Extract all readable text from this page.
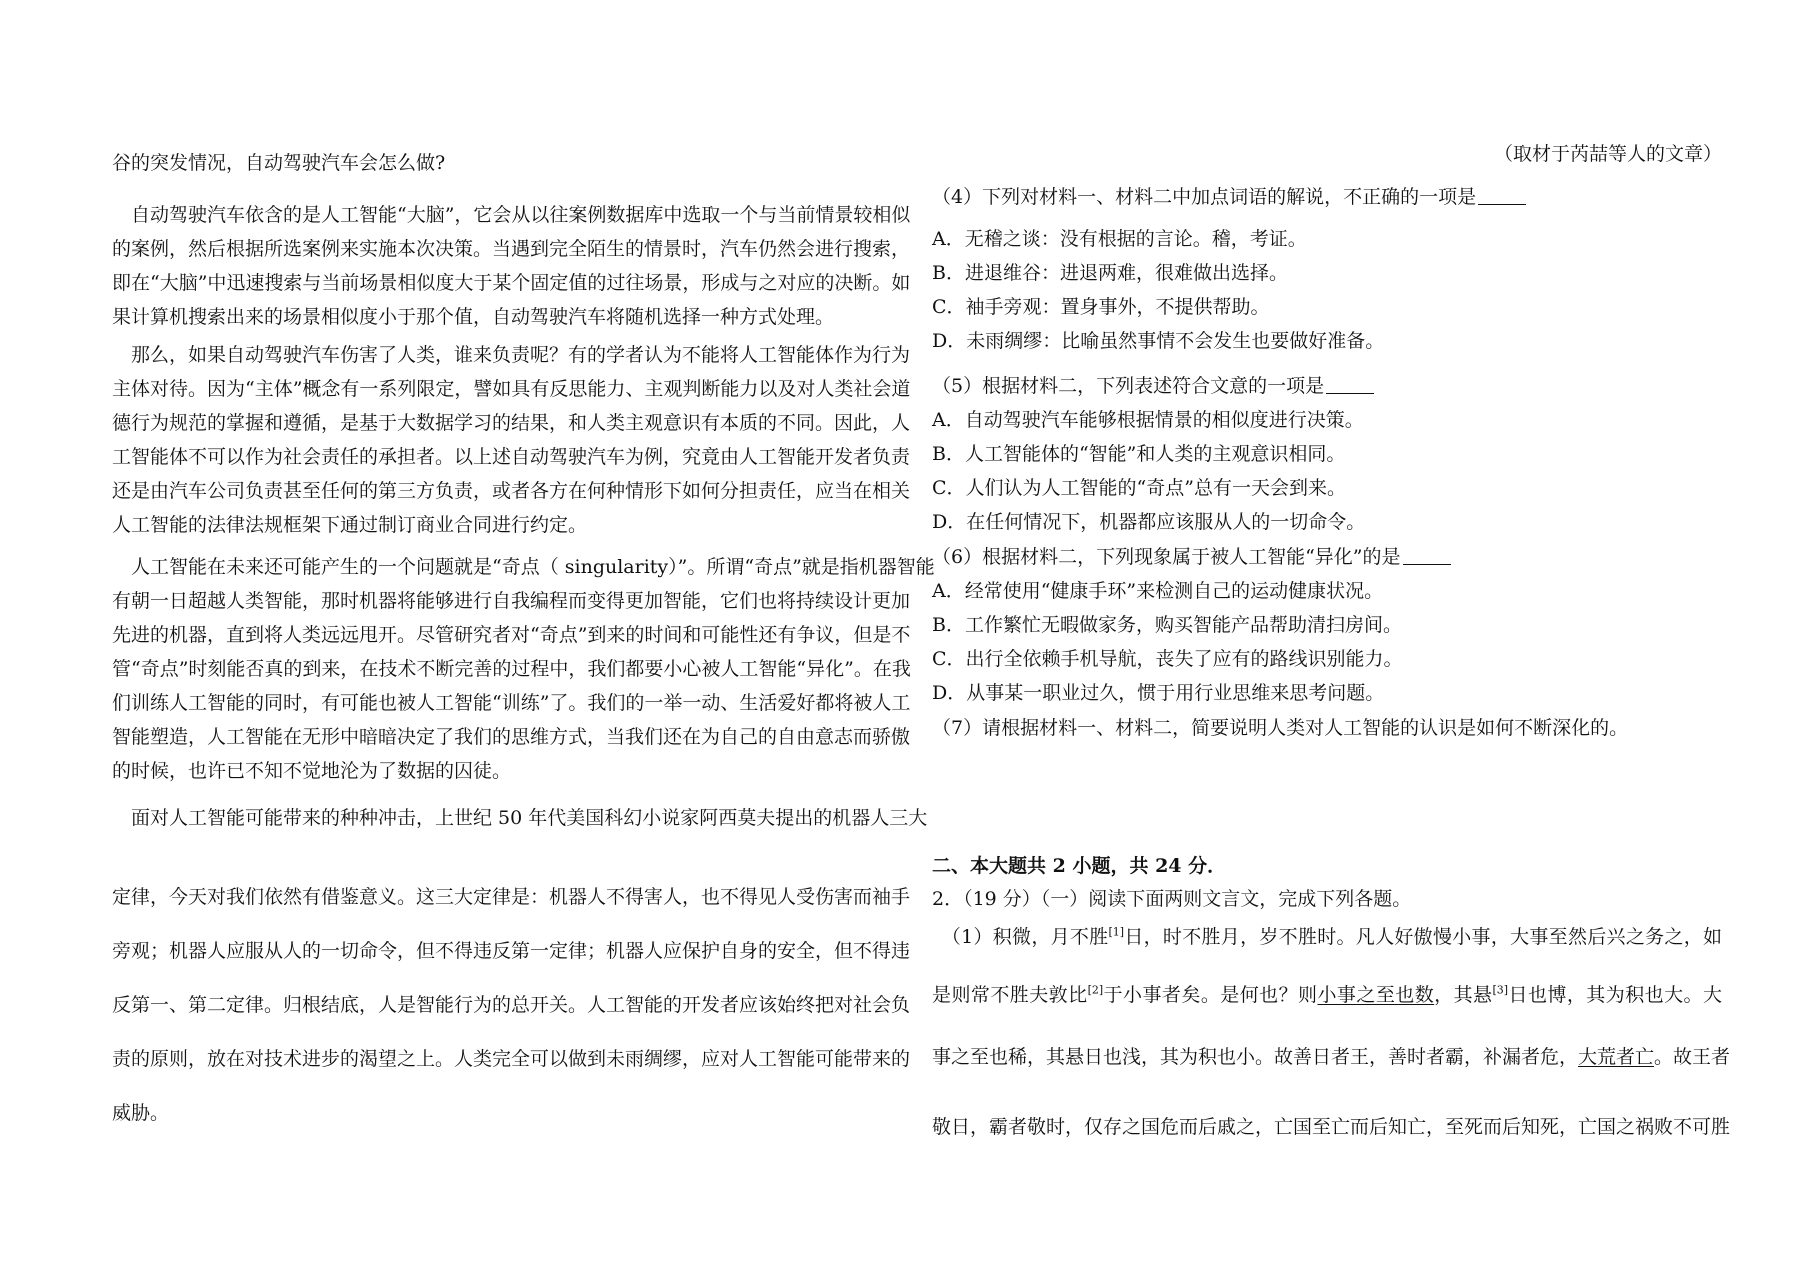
谷的突发情况，自动驾驶汽车会怎么做?
　自动驾驶汽车依含的是人工智能“大脑”，它会从以往案例数据库中选取一个与当前情景较相似
的案例，然后根据所选案例来实施本次决策。当遇到完全陌生的情景时，汽车仍然会进行搜索，
即在“大脑”中迅速搜索与当前场景相似度大于某个固定值的过往场景，形成与之对应的决断。如
果计算机搜索出来的场景相似度小于那个值，自动驾驶汽车将随机选择一种方式处理。
　那么，如果自动驾驶汽车伤害了人类，谁来负责呢？有的学者认为不能将人工智能体作为行为
主体对待。因为“主体”概念有一系列限定，譬如具有反思能力、主观判断能力以及对人类社会道
德行为规范的掌握和遵循，是基于大数据学习的结果，和人类主观意识有本质的不同。因此，人
工智能体不可以作为社会责任的承担者。以上述自动驾驶汽车为例，究竟由人工智能开发者负责
还是由汽车公司负责甚至任何的第三方负责，或者各方在何种情形下如何分担责任，应当在相关
人工智能的法律法规框架下通过制订商业合同进行约定。
　人工智能在未来还可能产生的一个问题就是“奇点（ singularity）”。所谓“奇点”就是指机器智能
有朝一日超越人类智能，那时机器将能够进行自我编程而变得更加智能，它们也将持续设计更加
先进的机器，直到将人类远远甩开。尽管研究者对“奇点”到来的时间和可能性还有争议，但是不
管“奇点”时刻能否真的到来，在技术不断完善的过程中，我们都要小心被人工智能“异化”。在我
们训练人工智能的同时，有可能也被人工智能“训练”了。我们的一举一动、生活爱好都将被人工
智能塑造，人工智能在无形中暗暗决定了我们的思维方式，当我们还在为自己的自由意志而骄傲
的时候，也许已不知不觉地沦为了数据的囚徒。
　面对人工智能可能带来的种种冲击，上世纪 50 年代美国科幻小说家阿西莫夫提出的机器人三大
定律，今天对我们依然有借鉴意义。这三大定律是：机器人不得害人，也不得见人受伤害而袖手
旁观；机器人应服从人的一切命令，但不得违反第一定律；机器人应保护自身的安全，但不得违
反第一、第二定律。归根结底，人是智能行为的总开关。人工智能的开发者应该始终把对社会负
责的原则，放在对技术进步的渴望之上。人类完全可以做到未雨绸缪，应对人工智能可能带来的
威胁。
（取材于芮喆等人的文章）
（4）下列对材料一、材料二中加点词语的解说，不正确的一项是
A．无稽之谈：没有根据的言论。稽，考证。
B．进退维谷：进退两难，很难做出选择。
C．袖手旁观：置身事外，不提供帮助。
D．未雨绸缪：比喻虽然事情不会发生也要做好准备。
（5）根据材料二，下列表述符合文意的一项是
A．自动驾驶汽车能够根据情景的相似度进行决策。
B．人工智能体的“智能”和人类的主观意识相同。
C．人们认为人工智能的“奇点”总有一天会到来。
D．在任何情况下，机器都应该服从人的一切命令。
（6）根据材料二，下列现象属于被人工智能“异化”的是
A．经常使用“健康手环”来检测自己的运动健康状况。
B．工作繁忙无暇做家务，购买智能产品帮助清扫房间。
C．出行全依赖手机导航，丧失了应有的路线识别能力。
D．从事某一职业过久，惯于用行业思维来思考问题。
（7）请根据材料一、材料二，简要说明人类对人工智能的认识是如何不断深化的。
二、本大题共 2 小题，共 24 分．
2．（19 分）（一）阅读下面两则文言文，完成下列各题。
　（1）积微，月不胜[1]日，时不胜月，岁不胜时。凡人好傲慢小事，大事至然后兴之务之，如
是则常不胜夫敦比[2]于小事者矣。是何也？则小事之至也数，其悬[3]日也博，其为积也大。大
事之至也稀，其悬日也浅，其为积也小。故善日者王，善时者霸，补漏者危，大荒者亡。故王者
敬日，霸者敬时，仅存之国危而后戚之，亡国至亡而后知亡，至死而后知死，亡国之祸败不可胜
